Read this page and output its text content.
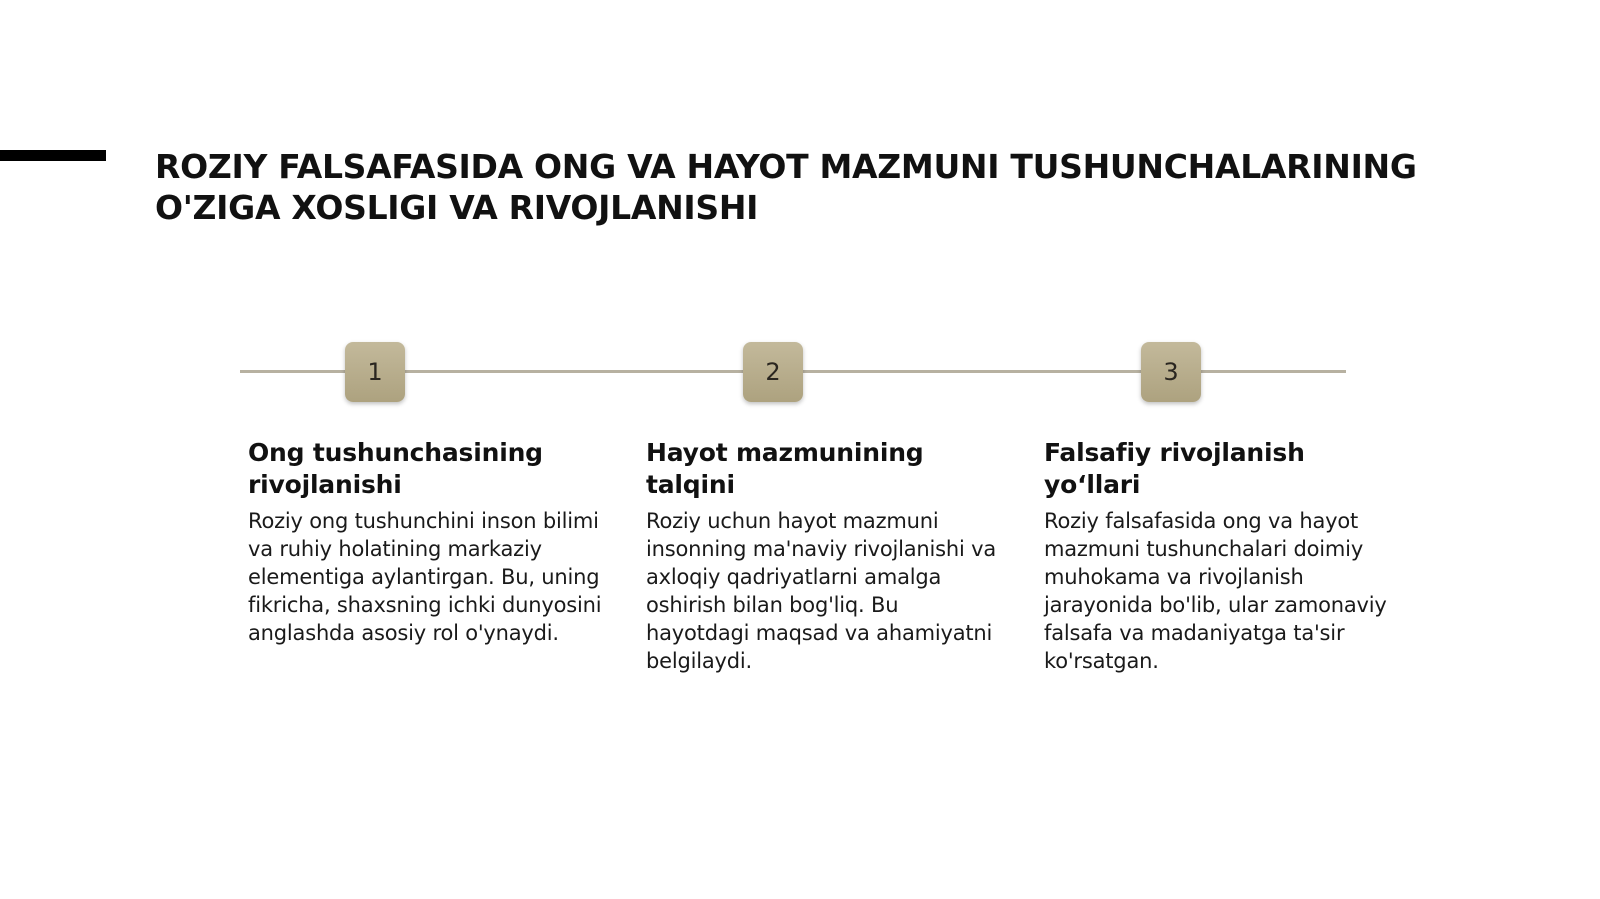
ROZIY FALSAFASIDA ONG VA HAYOT MAZMUNI TUSHUNCHALARINING O'ZIGA XOSLIGI VA RIVOJLANISHI
1	2	3
Ong tushunchasining rivojlanishi

Roziy ong tushunchini inson bilimi va ruhiy holatining markaziy elementiga aylantirgan. Bu, uning fikricha, shaxsning ichki dunyosini anglashda asosiy rol o'ynaydi.

Hayot mazmunining talqini

Roziy uchun hayot mazmuni insonning ma'naviy rivojlanishi va axloqiy qadriyatlarni amalga oshirish bilan bog'liq. Bu hayotdagi maqsad va ahamiyatni belgilaydi.

Falsafiy rivojlanish yo‘llari

Roziy falsafasida ong va hayot mazmuni tushunchalari doimiy muhokama va rivojlanish jarayonida bo'lib, ular zamonaviy falsafa va madaniyatga ta'sir ko'rsatgan.
